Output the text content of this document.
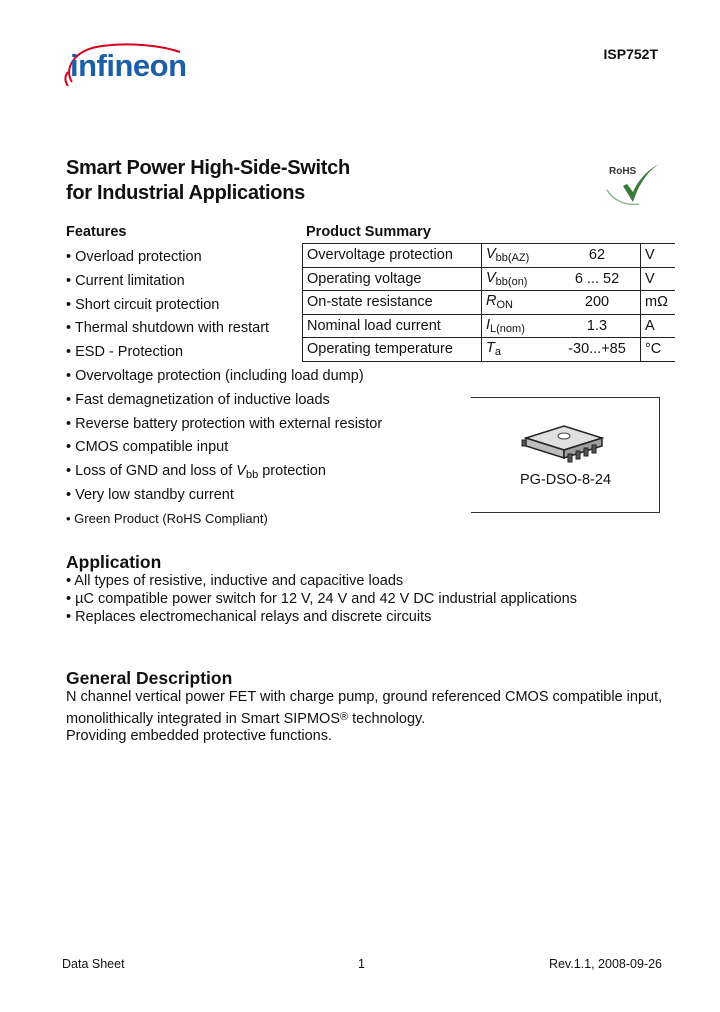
infineon	ISP752T
Smart Power High-Side-Switch
for Industrial Applications
RoHS
Features
• Overload protection
• Current limitation
• Short circuit protection
• Thermal shutdown with restart
• ESD - Protection
• Overvoltage protection (including load dump)
• Fast demagnetization of inductive loads
• Reverse battery protection with external resistor
• CMOS compatible input
• Loss of GND and loss of $V_{bb}$ protection
• Very low standby current
• Green Product (RoHS Compliant)
Product Summary
Overvoltage protection	$V_{bb(AZ)}$	62	V
Operating voltage	$V_{bb(on)}$	6 ... 52	V
On-state resistance	$R_{ON}$	200	mΩ
Nominal load current	$I_{L(nom)}$	1.3	A
Operating temperature	$T_a$	-30...+85	°C
PG-DSO-8-24
Application
• All types of resistive, inductive and capacitive loads
• µC compatible power switch for 12 V, 24 V and 42 V DC industrial applications
• Replaces electromechanical relays and discrete circuits
General Description
N channel vertical power FET with charge pump, ground referenced CMOS compatible input,
monolithically integrated in Smart SIPMOS® technology.
Providing embedded protective functions.
Data Sheet	1	Rev.1.1, 2008-09-26
